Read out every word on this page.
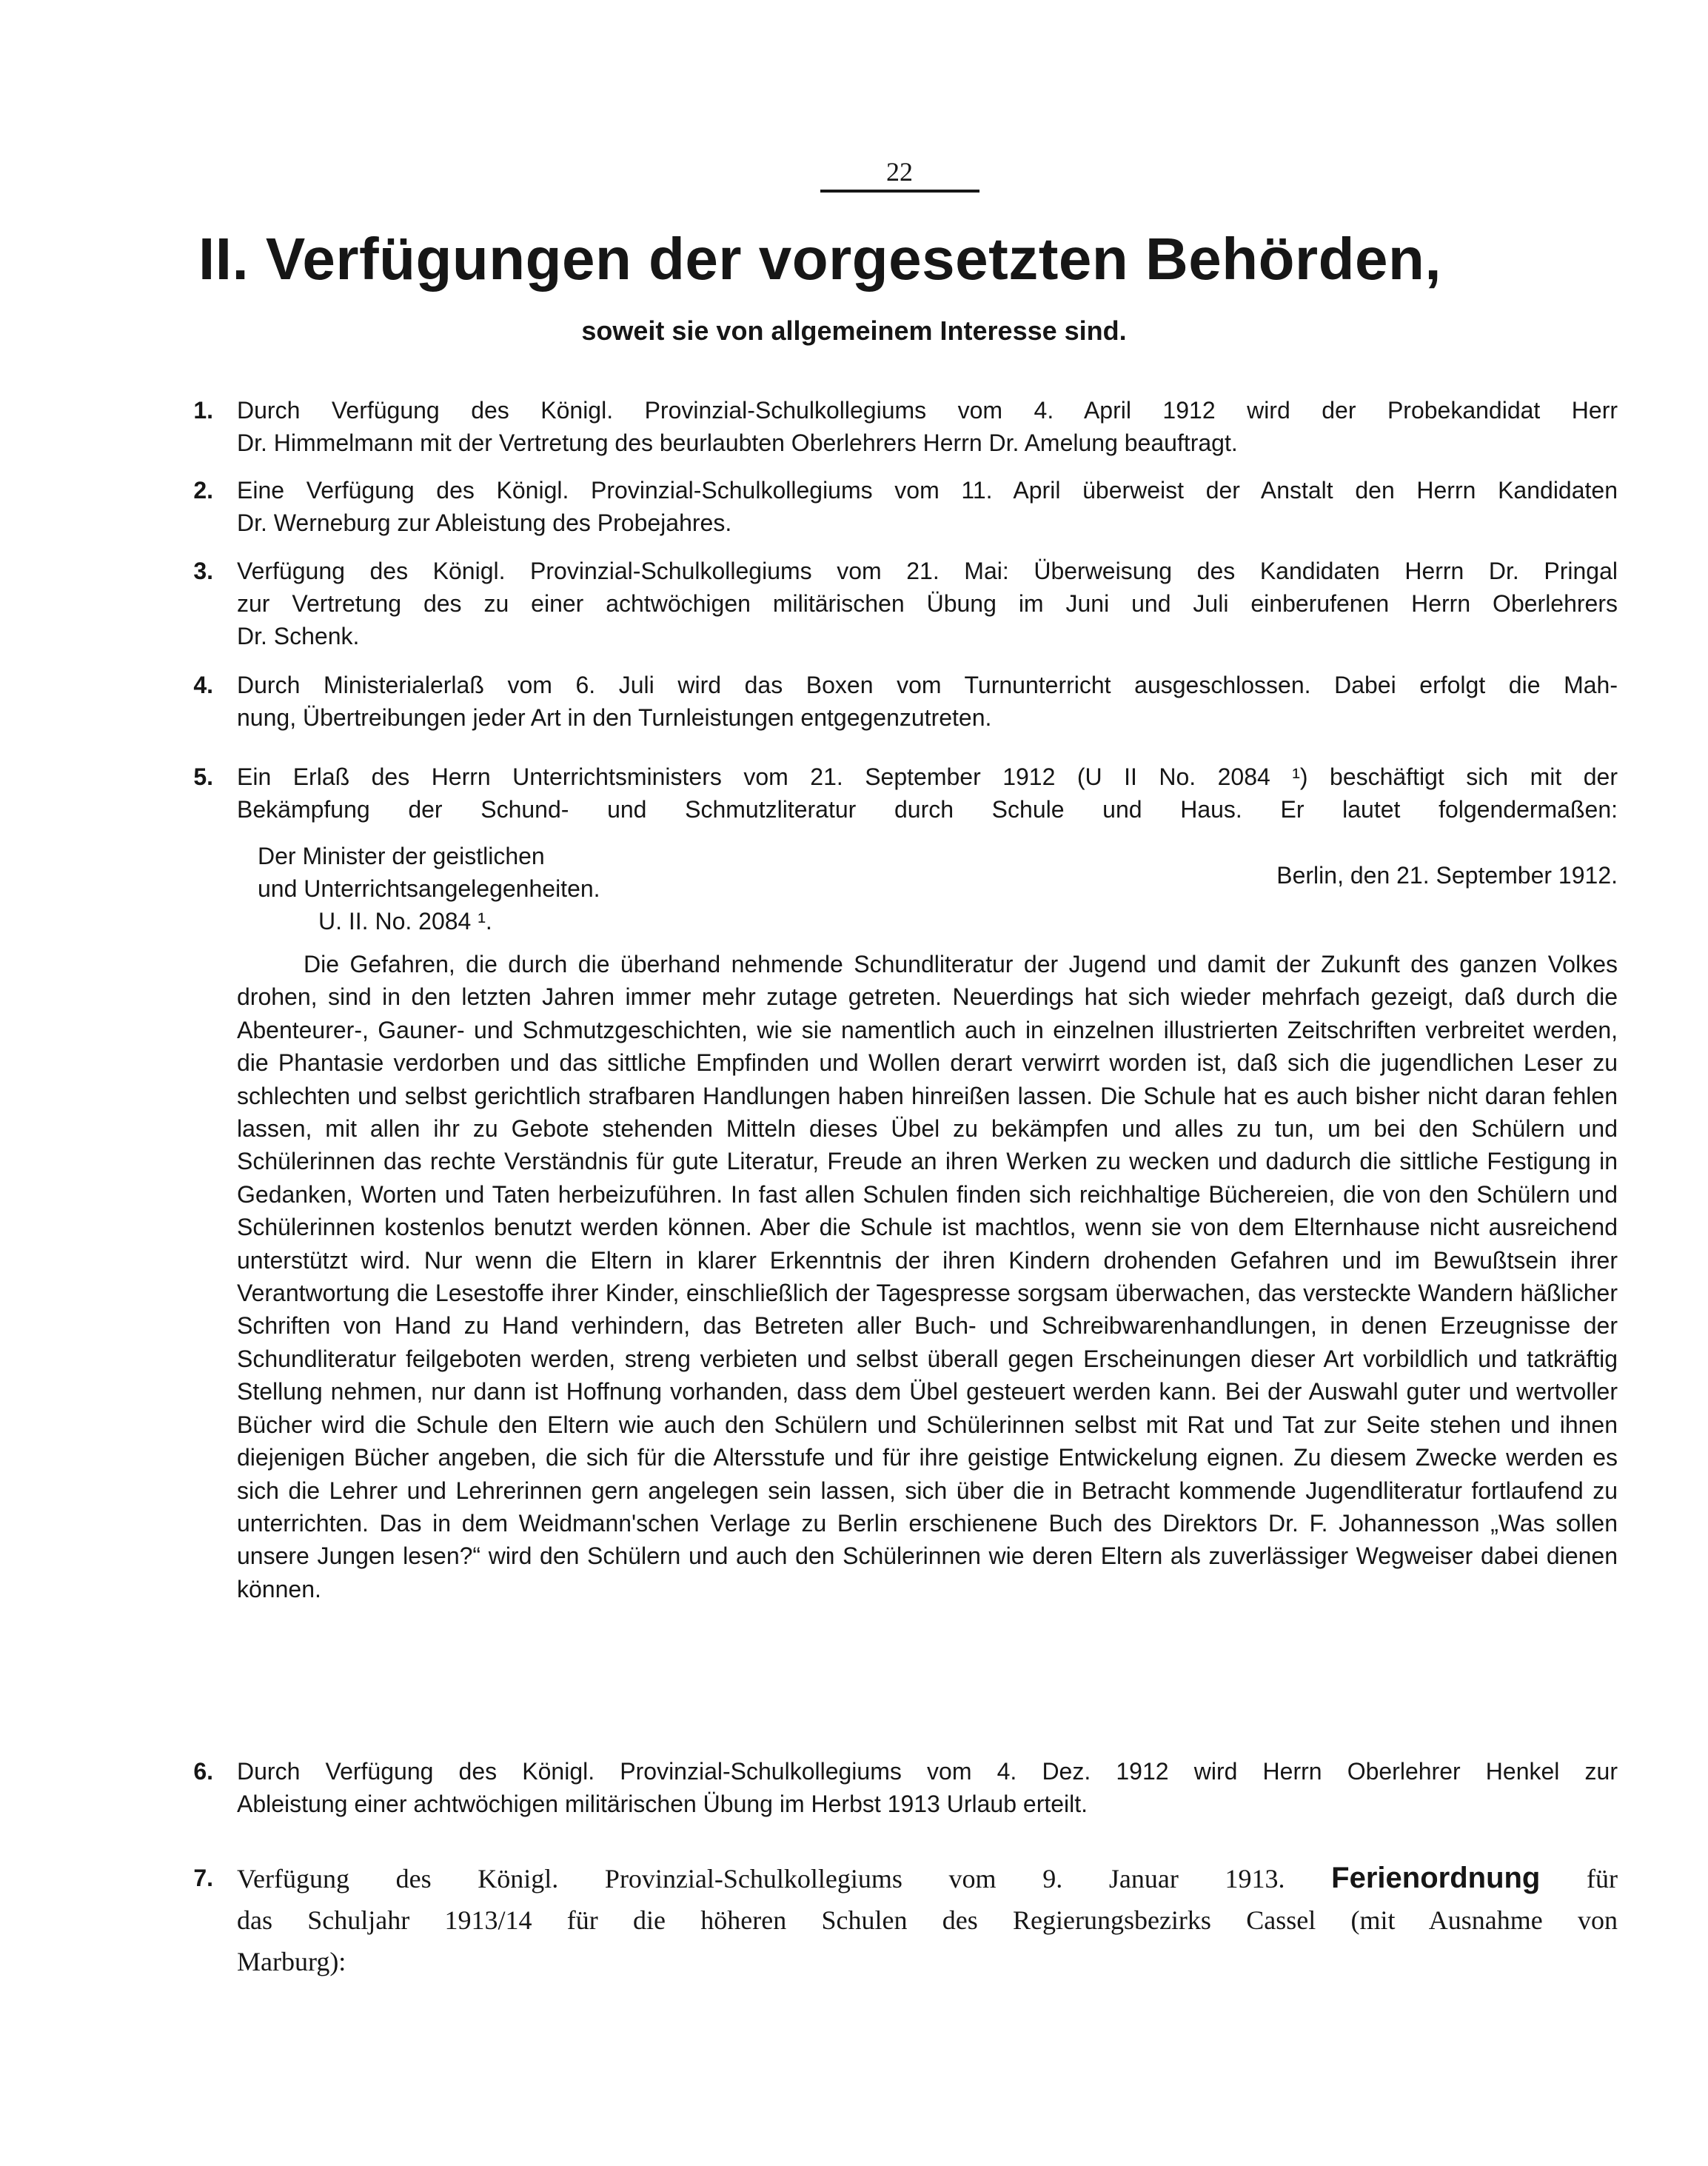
22
II. Verfügungen der vorgesetzten Behörden,
soweit sie von allgemeinem Interesse sind.
1. Durch Verfügung des Königl. Provinzial-Schulkollegiums vom 4. April 1912 wird der Probekandidat Herr

Dr. Himmelmann mit der Vertretung des beurlaubten Oberlehrers Herrn Dr. Amelung beauftragt.

2. Eine Verfügung des Königl. Provinzial-Schulkollegiums vom 11. April überweist der Anstalt den Herrn Kandidaten

Dr. Werneburg zur Ableistung des Probejahres.

3. Verfügung des Königl. Provinzial-Schulkollegiums vom 21. Mai: Überweisung des Kandidaten Herrn Dr. Pringal

zur Vertretung des zu einer achtwöchigen militärischen Übung im Juni und Juli einberufenen Herrn Oberlehrers

Dr. Schenk.

4. Durch Ministerialerlaß vom 6. Juli wird das Boxen vom Turnunterricht ausgeschlossen. Dabei erfolgt die Mah-

nung, Übertreibungen jeder Art in den Turnleistungen entgegenzutreten.

5. Ein Erlaß des Herrn Unterrichtsministers vom 21. September 1912 (U II No. 2084 ¹) beschäftigt sich mit der

Bekämpfung der Schund- und Schmutzliteratur durch Schule und Haus. Er lautet folgendermaßen:

Der Minister der geistlichen
und Unterrichtsangelegenheiten.	Berlin, den 21. September 1912.
U. II. No. 2084 ¹.
Die Gefahren, die durch die überhand nehmende Schundliteratur der Jugend und damit der Zukunft des ganzen Volkes drohen, sind in den letzten Jahren immer mehr zutage getreten. Neuerdings hat sich wieder mehrfach gezeigt, daß durch die Abenteurer-, Gauner- und Schmutzgeschichten, wie sie namentlich auch in einzelnen illustrierten Zeitschriften verbreitet werden, die Phantasie verdorben und das sittliche Empfinden und Wollen derart verwirrt worden ist, daß sich die jugendlichen Leser zu schlechten und selbst gerichtlich strafbaren Handlungen haben hinreißen lassen. Die Schule hat es auch bisher nicht daran fehlen lassen, mit allen ihr zu Gebote stehenden Mitteln dieses Übel zu bekämpfen und alles zu tun, um bei den Schülern und Schülerinnen das rechte Verständnis für gute Literatur, Freude an ihren Werken zu wecken und dadurch die sittliche Festigung in Gedanken, Worten und Taten herbeizuführen. In fast allen Schulen finden sich reichhaltige Büchereien, die von den Schülern und Schülerinnen kostenlos benutzt werden können. Aber die Schule ist machtlos, wenn sie von dem Elternhause nicht ausreichend unterstützt wird. Nur wenn die Eltern in klarer Erkenntnis der ihren Kindern drohenden Gefahren und im Bewußtsein ihrer Verantwortung die Lesestoffe ihrer Kinder, einschließlich der Tagespresse sorgsam überwachen, das versteckte Wandern häßlicher Schriften von Hand zu Hand verhindern, das Betreten aller Buch- und Schreibwarenhandlungen, in denen Erzeugnisse der Schundliteratur feilgeboten werden, streng verbieten und selbst überall gegen Erscheinungen dieser Art vorbildlich und tatkräftig Stellung nehmen, nur dann ist Hoffnung vorhanden, dass dem Übel gesteuert werden kann. Bei der Auswahl guter und wertvoller Bücher wird die Schule den Eltern wie auch den Schülern und Schülerinnen selbst mit Rat und Tat zur Seite stehen und ihnen diejenigen Bücher angeben, die sich für die Altersstufe und für ihre geistige Entwickelung eignen. Zu diesem Zwecke werden es sich die Lehrer und Lehrerinnen gern angelegen sein lassen, sich über die in Betracht kommende Jugendliteratur fortlaufend zu unterrichten. Das in dem Weidmann'schen Verlage zu Berlin erschienene Buch des Direktors Dr. F. Johannesson „Was sollen unsere Jungen lesen?“ wird den Schülern und auch den Schülerinnen wie deren Eltern als zuverlässiger Wegweiser dabei dienen können.
6. Durch Verfügung des Königl. Provinzial-Schulkollegiums vom 4. Dez. 1912 wird Herrn Oberlehrer Henkel zur

Ableistung einer achtwöchigen militärischen Übung im Herbst 1913 Urlaub erteilt.

7. Verfügung des Königl. Provinzial-Schulkollegiums vom 9. Januar 1913. Ferienordnung für

das Schuljahr 1913/14 für die höheren Schulen des Regierungsbezirks Cassel (mit Ausnahme von

Marburg):
